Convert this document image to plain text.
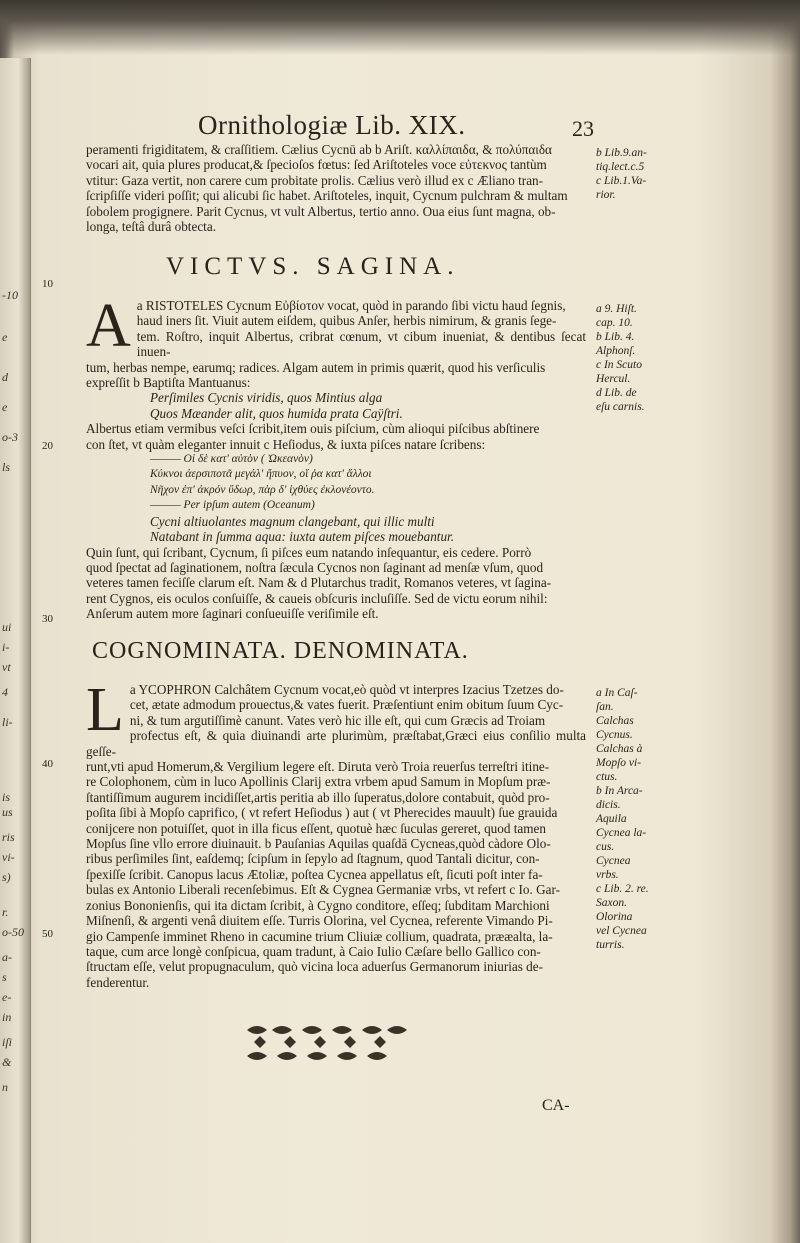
-10
e
d
e
o-3
ls
ui
i-
vt
4
li-
is
us
ris
vi-
s)
r.
o-50
a-
s
e-
in
iſi
&
n
Ornithologiæ Lib. XIX.	23

peramenti frigiditatem, & craſſitiem. Cælius Cycnū ab b Ariſt. καλλίπαιδα, & πολύπαιδα
vocari ait, quia plures producat,& ſpecioſos fœtus: ſed Ariſtoteles voce εὐτεκνος tantùm
vtitur: Gaza vertit, non carere cum probitate prolis. Cælius verò illud ex c Æliano tran-
ſcripſiſſe videri poſſit; qui alicubi ſic habet. Ariſtoteles, inquit, Cycnum pulchram & multam
ſobolem progignere. Parit Cycnus, vt vult Albertus, tertio anno. Oua eius ſunt magna, ob-
longa, teſtâ durâ obtecta.

b Lib.9.an-
tiq.lect.c.5
c Lib.1.Va-
rior.
10
VICTVS. SAGINA.
A a RISTOTELES Cycnum Εὐβίοτον vocat, quòd in parando ſibi victu haud ſegnis,
haud iners ſit. Viuit autem eiſdem, quibus Anſer, herbis nimirum, & granis ſege-
tem. Roſtro, inquit Albertus, cribrat cœnum, vt cibum inueniat, & dentibus ſecat inuen-
tum, herbas nempe, earumq; radices. Algam autem in primis quærit, quod his verſiculis
expreſſit b Baptiſta Mantuanus:

Perſimiles Cycnis viridis, quos Mintius alga
Quos Mæander alit, quos humida prata Caÿſtri.

Albertus etiam vermibus veſci ſcribit,item ouis piſcium, cùm alioqui piſcibus abſtinere
con ſtet, vt quàm eleganter innuit c Heſiodus, & iuxta piſces natare ſcribens:

——— Οἱ δὲ κατ' αὐτὸν ( Ὠκεανὸν)
Κύκνοι ἀερσιποτᾶ μεγάλ' ἤπυον, οἵ ῥα κατ' ἄλλοι
Νῆχον ἐπ' ἀκρόν ὕδωρ, πὰρ δ' ἰχθύες ἐκλονέοντο.
——— Per ipſum autem (Oceanum)

Cycni altiuolantes magnum clangebant, qui illic multi
Natabant in ſumma aqua: iuxta autem piſces mouebantur.

Quin ſunt, qui ſcribant, Cycnum, ſi piſces eum natando inſequantur, eis cedere. Porrò
quod ſpectat ad ſaginationem, noſtra ſæcula Cycnos non ſaginant ad menſæ vſum, quod
veteres tamen feciſſe clarum eſt. Nam & d Plutarchus tradit, Romanos veteres, vt ſagina-
rent Cygnos, eis oculos conſuiſſe, & caueis obſcuris incluſiſſe. Sed de victu eorum nihil:
Anſerum autem more ſaginari conſueuiſſe veriſimile eſt.

20
30
a 9. Hiſt.
cap. 10.
b Lib. 4.
Alphonſ.
c In Scuto
Hercul.
d Lib. de
eſu carnis.
COGNOMINATA. DENOMINATA.
L a YCOPHRON Calchâtem Cycnum vocat,eò quòd vt interpres Izacius Tzetzes do-
cet, ætate admodum prouectus,& vates fuerit. Præſentiunt enim obitum ſuum Cyc-
ni, & tum argutiſſimè canunt. Vates verò hic ille eſt, qui cum Græcis ad Troiam
profectus eſt, & quia diuinandi arte plurimùm, præſtabat,Græci eius conſilio multa geſſe-
runt,vti apud Homerum,& Vergilium legere eſt. Diruta verò Troia reuerſus terreſtri itine-
re Colophonem, cùm in luco Apollinis Clarij extra vrbem apud Samum in Mopſum præ-
ſtantiſſimum augurem incidiſſet,artis peritia ab illo ſuperatus,dolore contabuit, quòd pro-
poſita ſibi à Mopſo caprifico, ( vt refert Heſiodus ) aut ( vt Pherecides mauult) ſue grauida
conijcere non potuiſſet, quot in illa ficus eſſent, quotuè hæc ſuculas gereret, quod tamen
Mopſus ſine vllo errore diuinauit. b Pauſanias Aquilas quaſdā Cycneas,quòd càdore Olo-
ribus perſimiles ſint, eaſdemq; ſcipſum in ſepylo ad ſtagnum, quod Tantali dicitur, con-
ſpexiſſe ſcribit. Canopus lacus Ætoliæ, poſtea Cycnea appellatus eſt, ſicuti poſt inter fa-
bulas ex Antonio Liberali recenſebimus. Eſt & Cygnea Germaniæ vrbs, vt refert c Io. Gar-
zonius Bononienſis, qui ita dictam ſcribit, à Cygno conditore, eſſeq; ſubditam Marchioni
Miſnenſi, & argenti venâ diuitem eſſe. Turris Olorina, vel Cycnea, referente Vimando Pi-
gio Campenſe imminet Rheno in cacumine trium Cliuiæ collium, quadrata, prææalta, la-
taque, cum arce longè conſpicua, quam tradunt, à Caio Iulio Cæſare bello Gallico con-
ſtructam eſſe, velut propugnaculum, quò vicina loca aduerſus Germanorum iniurias de-
fenderentur.

40
50
a In Caſ-
ſan.
Calchas
Cycnus.
Calchas à
Mopſo vi-
ctus.
b In Arca-
dicis.
Aquila
Cycnea la-
cus.
Cycnea
vrbs.
c Lib. 2. re.
Saxon.
Olorina
vel Cycnea
turris.
CA-
